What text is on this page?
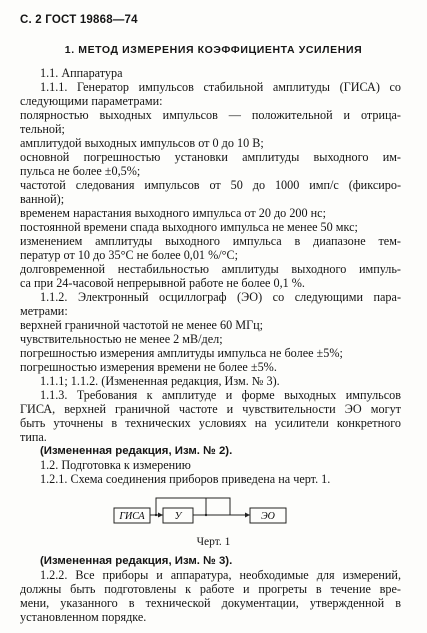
С. 2 ГОСТ 19868—74
1. МЕТОД ИЗМЕРЕНИЯ КОЭФФИЦИЕНТА УСИЛЕНИЯ
1.1. Аппаратура
1.1.1. Генератор импульсов стабильной амплитуды (ГИСА) со
следующими параметрами:
полярностью выходных импульсов — положительной и отрица-
тельной;
амплитудой выходных импульсов от 0 до 10 В;
основной погрешностью установки амплитуды выходного им-
пульса не более ±0,5%;
частотой следования импульсов от 50 до 1000 имп/с (фиксиро-
ванной);
временем нарастания выходного импульса от 20 до 200 нс;
постоянной времени спада выходного импульса не менее 50 мкс;
изменением амплитуды выходного импульса в диапазоне тем-
ператур от 10 до 35°C не более 0,01 %/°C;
долговременной нестабильностью амплитуды выходного импуль-
са при 24-часовой непрерывной работе не более 0,1 %.
1.1.2. Электронный осциллограф (ЭО) со следующими пара-
метрами:
верхней граничной частотой не менее 60 МГц;
чувствительностью не менее 2 мВ/дел;
погрешностью измерения амплитуды импульса не более ±5%;
погрешностью измерения времени не более ±5%.
1.1.1; 1.1.2. (Измененная редакция, Изм. № 3).
1.1.3. Требования к амплитуде и форме выходных импульсов
ГИСА, верхней граничной частоте и чувствительности ЭО могут
быть уточнены в технических условиях на усилители конкретного
типа.
(Измененная редакция, Изм. № 2).
1.2. Подготовка к измерению
1.2.1. Схема соединения приборов приведена на черт. 1.
ГИСА	У	ЭО
Черт. 1
(Измененная редакция, Изм. № 3).
1.2.2. Все приборы и аппаратура, необходимые для измерений,
должны быть подготовлены к работе и прогреты в течение вре-
мени, указанного в технической документации, утвержденной в
установленном порядке.
